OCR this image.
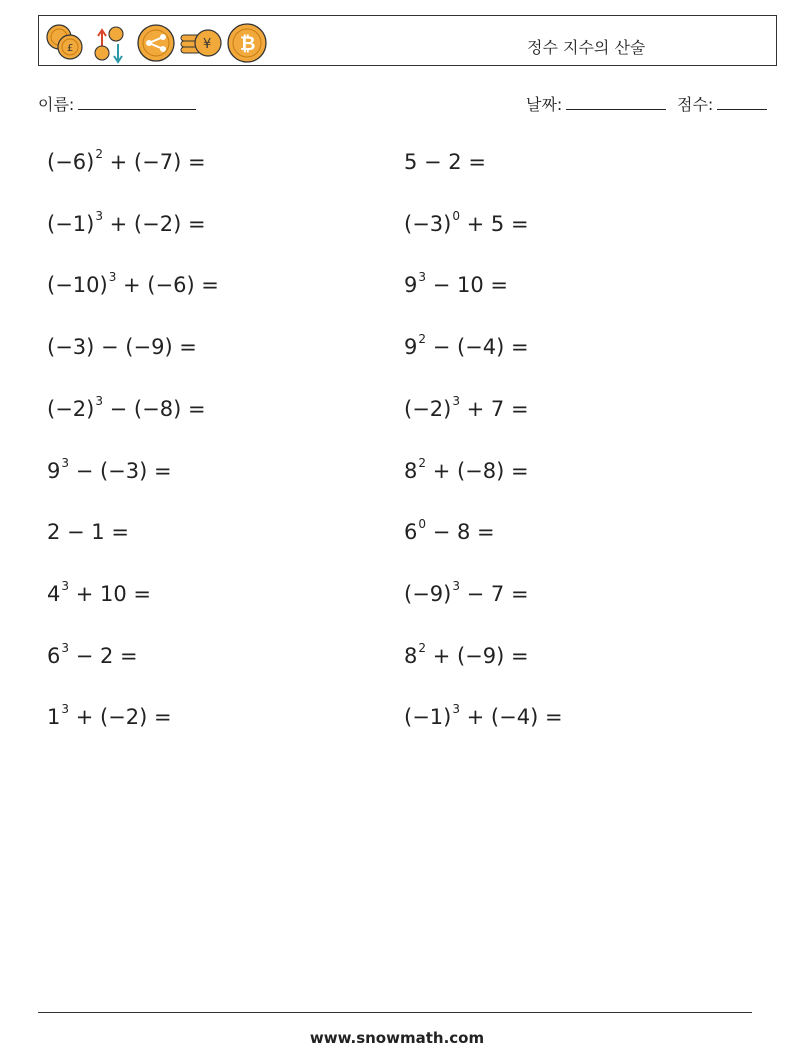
£	¥ ₿	정수 지수의 산술
이름:	날짜:	점수:
$(-6)^2 + (-7)$ =	5 − 2 =
$(-1)^3 + (-2)$ =	$(-3)^0 + 5$ =
$(-10)^3 + (-6)$ =	$9^3 - 10$ =
(−3) − (−9) =	$9^2 - (-4)$ =
$(-2)^3 - (-8)$ =	$(-2)^3 + 7$ =
$9^3 - (-3)$ =	$8^2 + (-8)$ =
2 − 1 =	$6^0 - 8$ =
$4^3 + 10$ =	$(-9)^3 - 7$ =
$6^3 - 2$ =	$8^2 + (-9)$ =
$1^3 + (-2)$ =	$(-1)^3 + (-4)$ =
www.snowmath.com
